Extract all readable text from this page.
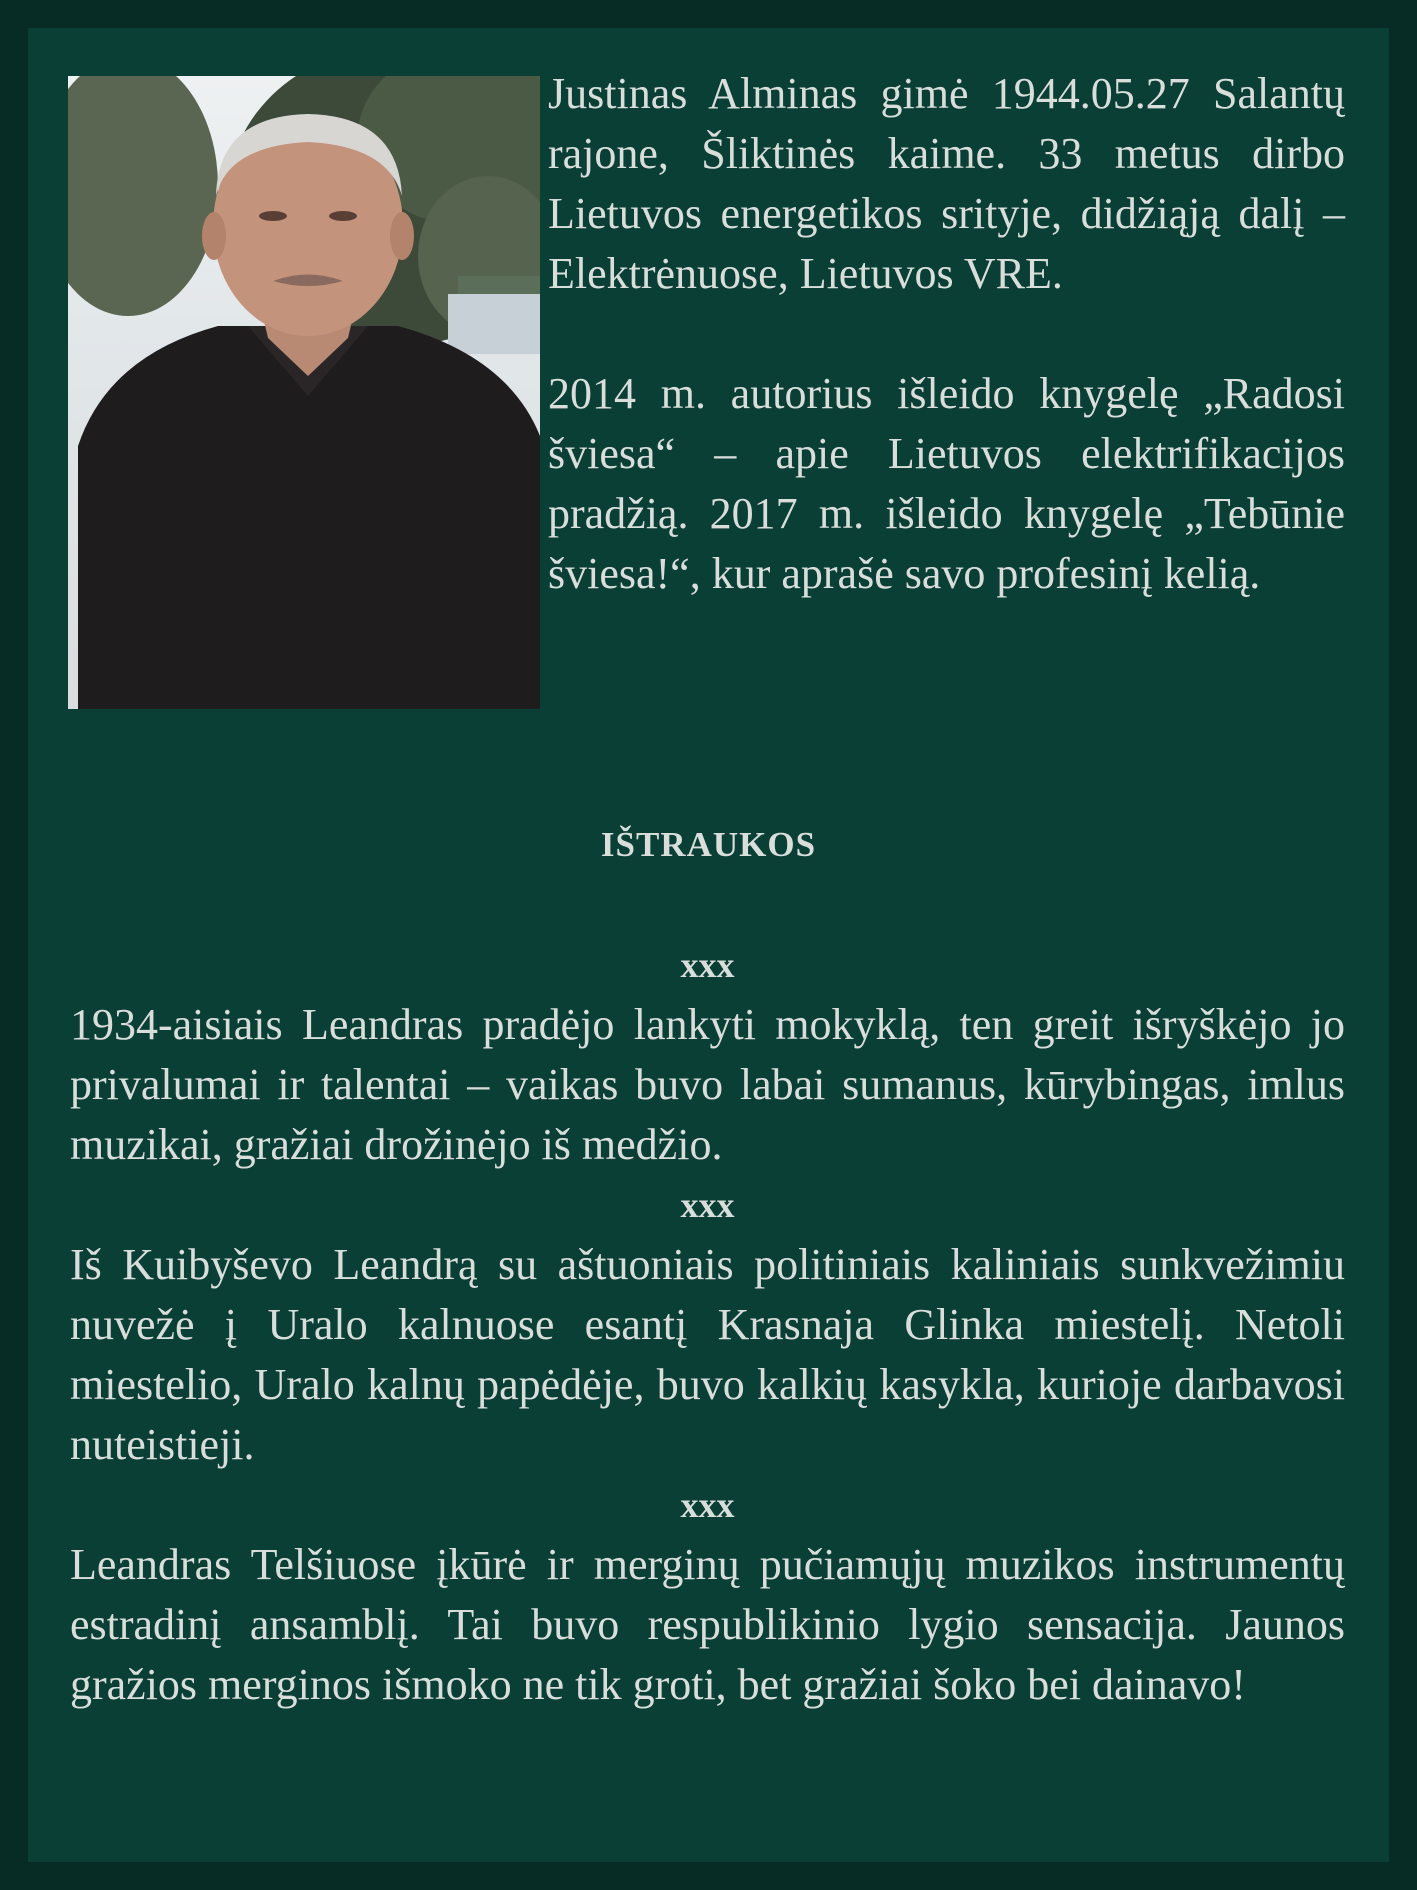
Justinas Alminas gimė 1944.05.27 Salantų rajone, Šliktinės kaime. 33 metus dirbo Lietuvos energetikos srityje, didžiąją dalį – Elektrėnuose, Lietuvos VRE.

2014 m. autorius išleido knygelę „Radosi šviesa“ – apie Lietuvos elektrifikacijos pradžią. 2017 m. išleido knygelę „Tebūnie šviesa!“, kur aprašė savo profesinį kelią.

IŠTRAUKOS

xxx

1934-aisiais Leandras pradėjo lankyti mokyklą, ten greit išryškėjo jo privalumai ir talentai – vaikas buvo labai sumanus, kūrybingas, imlus muzikai, gražiai drožinėjo iš medžio.

xxx

Iš Kuibyševo Leandrą su aštuoniais politiniais kaliniais sunkvežimiu nuvežė į Uralo kalnuose esantį Krasnaja Glinka miestelį. Netoli miestelio, Uralo kalnų papėdėje, buvo kalkių kasykla, kurioje darbavosi nuteistieji.

xxx

Leandras Telšiuose įkūrė ir merginų pučiamųjų muzikos instrumentų estradinį ansamblį. Tai buvo respublikinio lygio sensacija. Jaunos gražios merginos išmoko ne tik groti, bet gražiai šoko bei dainavo!
